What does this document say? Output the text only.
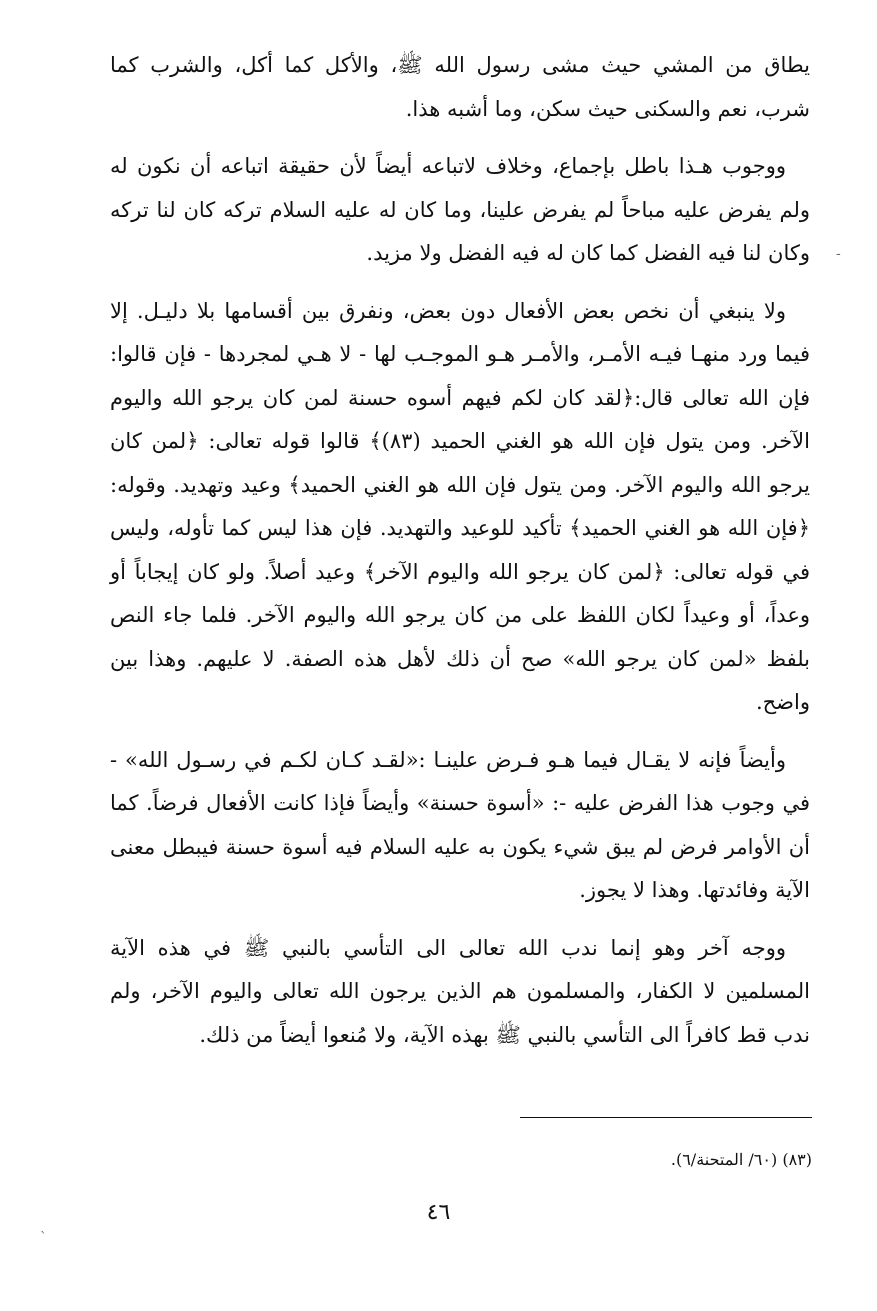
يطاق من المشي حيث مشى رسول الله ﷺ، والأكل كما أكل، والشرب كما شرب، نعم والسكنى حيث سكن، وما أشبه هذا.

ووجوب هـذا باطل بإجماع، وخلاف لاتباعه أيضاً لأن حقيقة اتباعه أن نكون له ولم يفرض عليه مباحاً لم يفرض علينا، وما كان له عليه السلام تركه كان لنا تركه وكان لنا فيه الفضل كما كان له فيه الفضل ولا مزيد.

ولا ينبغي أن نخص بعض الأفعال دون بعض، ونفرق بين أقسامها بلا دليـل. إلا فيما ورد منهـا فيـه الأمـر، والأمـر هـو الموجـب لها - لا هـي لمجردها - فإن قالوا: فإن الله تعالى قال:﴿لقد كان لكم فيهم أسوه حسنة لمن كان يرجو الله واليوم الآخر. ومن يتول فإن الله هو الغني الحميد (٨٣)﴾ قالوا قوله تعالى: ﴿لمن كان يرجو الله واليوم الآخر. ومن يتول فإن الله هو الغني الحميد﴾ وعيد وتهديد. وقوله: ﴿فإن الله هو الغني الحميد﴾ تأكيد للوعيد والتهديد. فإن هذا ليس كما تأوله، وليس في قوله تعالى: ﴿لمن كان يرجو الله واليوم الآخر﴾ وعيد أصلاً. ولو كان إيجاباً أو وعداً، أو وعيداً لكان اللفظ على من كان يرجو الله واليوم الآخر. فلما جاء النص بلفظ «لمن كان يرجو الله» صح أن ذلك لأهل هذه الصفة. لا عليهم. وهذا بين واضح.

وأيضاً فإنه لا يقـال فيما هـو فـرض علينـا :«لقـد كـان لكـم في رسـول الله» - في وجوب هذا الفرض عليه -: «أسوة حسنة» وأيضاً فإذا كانت الأفعال فرضاً. كما أن الأوامر فرض لم يبق شيء يكون به عليه السلام فيه أسوة حسنة فيبطل معنى الآية وفائدتها. وهذا لا يجوز.

ووجه آخر وهو إنما ندب الله تعالى الى التأسي بالنبي ﷺ في هذه الآية المسلمين لا الكفار، والمسلمون هم الذين يرجون الله تعالى واليوم الآخر، ولم ندب قط كافراً الى التأسي بالنبي ﷺ بهذه الآية، ولا مُنعوا أيضاً من ذلك.

(٨٣) (٦٠/ المتحنة/٦).
٤٦
-
ˋ
